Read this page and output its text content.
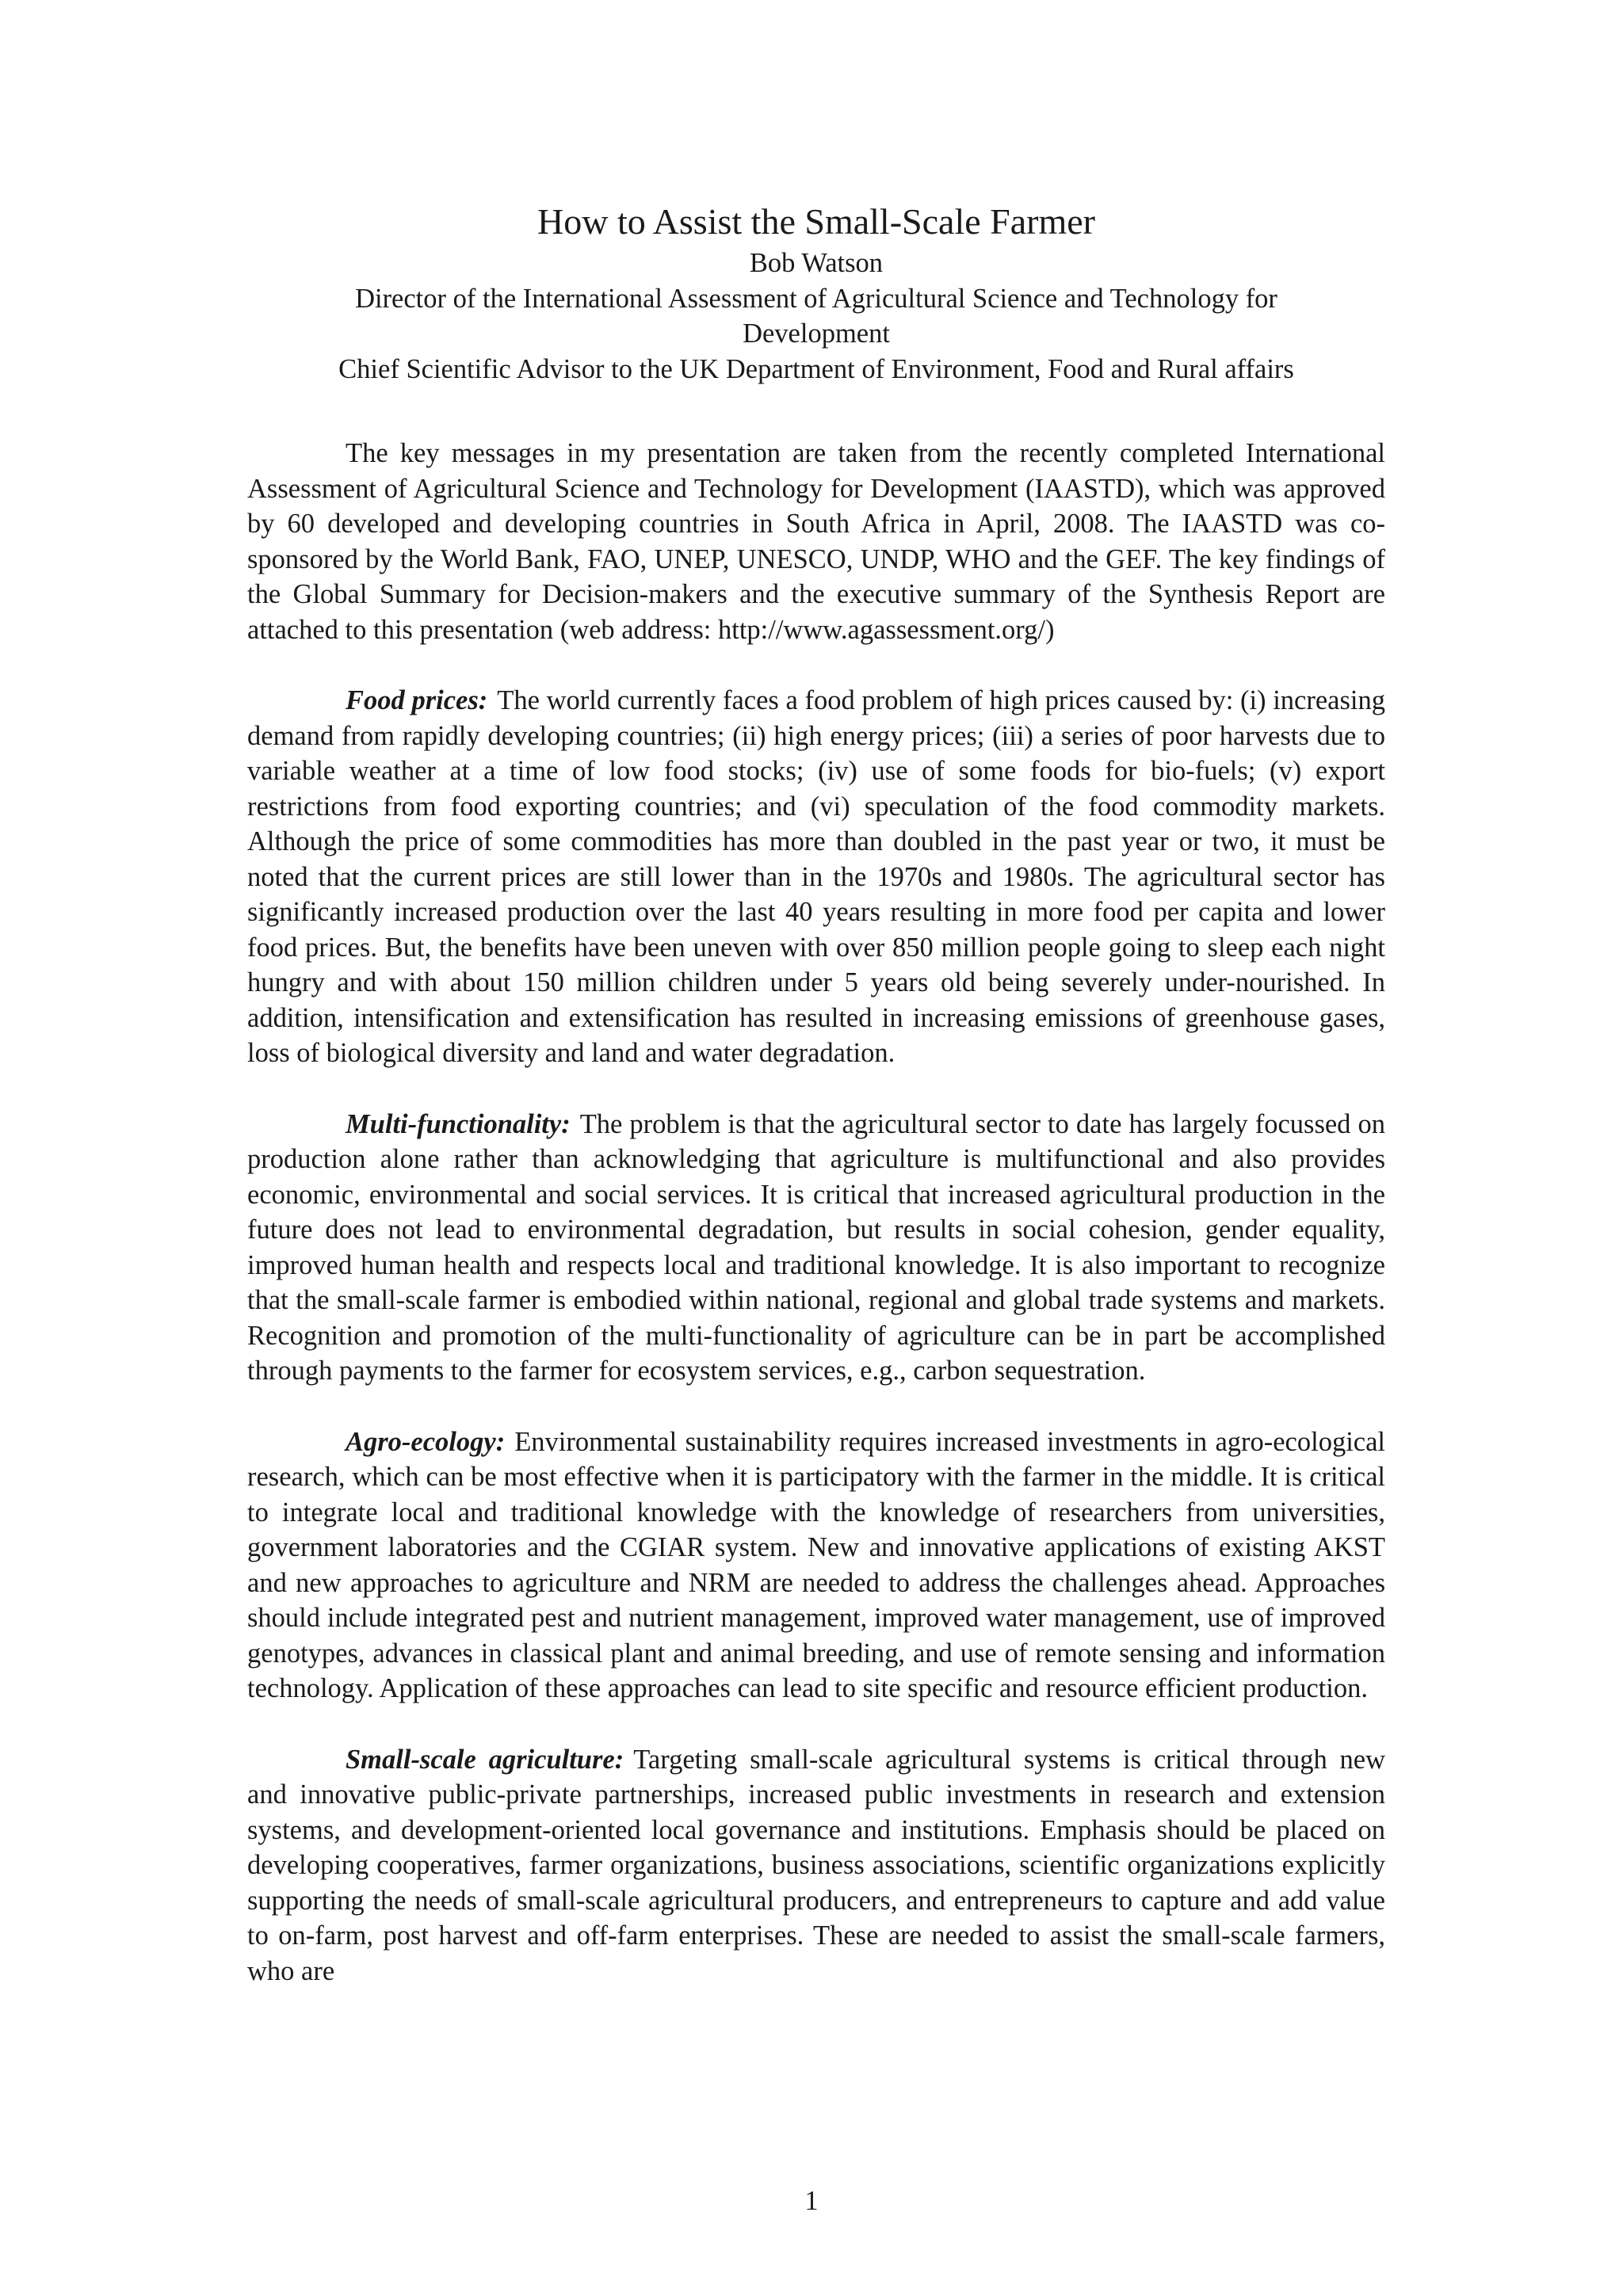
How to Assist the Small-Scale Farmer

Bob Watson

Director of the International Assessment of Agricultural Science and Technology for

Development

Chief Scientific Advisor to the UK Department of Environment, Food and Rural affairs

The key messages in my presentation are taken from the recently completed International Assessment of Agricultural Science and Technology for Development (IAASTD), which was approved by 60 developed and developing countries in South Africa in April, 2008. The IAASTD was co-sponsored by the World Bank, FAO, UNEP, UNESCO, UNDP, WHO and the GEF. The key findings of the Global Summary for Decision-makers and the executive summary of the Synthesis Report are attached to this presentation (web address: http://www.agassessment.org/)

Food prices: The world currently faces a food problem of high prices caused by: (i) increasing demand from rapidly developing countries; (ii) high energy prices; (iii) a series of poor harvests due to variable weather at a time of low food stocks; (iv) use of some foods for bio-fuels; (v) export restrictions from food exporting countries; and (vi) speculation of the food commodity markets. Although the price of some commodities has more than doubled in the past year or two, it must be noted that the current prices are still lower than in the 1970s and 1980s. The agricultural sector has significantly increased production over the last 40 years resulting in more food per capita and lower food prices. But, the benefits have been uneven with over 850 million people going to sleep each night hungry and with about 150 million children under 5 years old being severely under-nourished. In addition, intensification and extensification has resulted in increasing emissions of greenhouse gases, loss of biological diversity and land and water degradation.

Multi-functionality: The problem is that the agricultural sector to date has largely focussed on production alone rather than acknowledging that agriculture is multifunctional and also provides economic, environmental and social services. It is critical that increased agricultural production in the future does not lead to environmental degradation, but results in social cohesion, gender equality, improved human health and respects local and traditional knowledge. It is also important to recognize that the small-scale farmer is embodied within national, regional and global trade systems and markets. Recognition and promotion of the multi-functionality of agriculture can be in part be accomplished through payments to the farmer for ecosystem services, e.g., carbon sequestration.

Agro-ecology: Environmental sustainability requires increased investments in agro-ecological research, which can be most effective when it is participatory with the farmer in the middle. It is critical to integrate local and traditional knowledge with the knowledge of researchers from universities, government laboratories and the CGIAR system. New and innovative applications of existing AKST and new approaches to agriculture and NRM are needed to address the challenges ahead. Approaches should include integrated pest and nutrient management, improved water management, use of improved genotypes, advances in classical plant and animal breeding, and use of remote sensing and information technology. Application of these approaches can lead to site specific and resource efficient production.

Small-scale agriculture: Targeting small-scale agricultural systems is critical through new and innovative public-private partnerships, increased public investments in research and extension systems, and development-oriented local governance and institutions. Emphasis should be placed on developing cooperatives, farmer organizations, business associations, scientific organizations explicitly supporting the needs of small-scale agricultural producers, and entrepreneurs to capture and add value to on-farm, post harvest and off-farm enterprises. These are needed to assist the small-scale farmers, who are

1
